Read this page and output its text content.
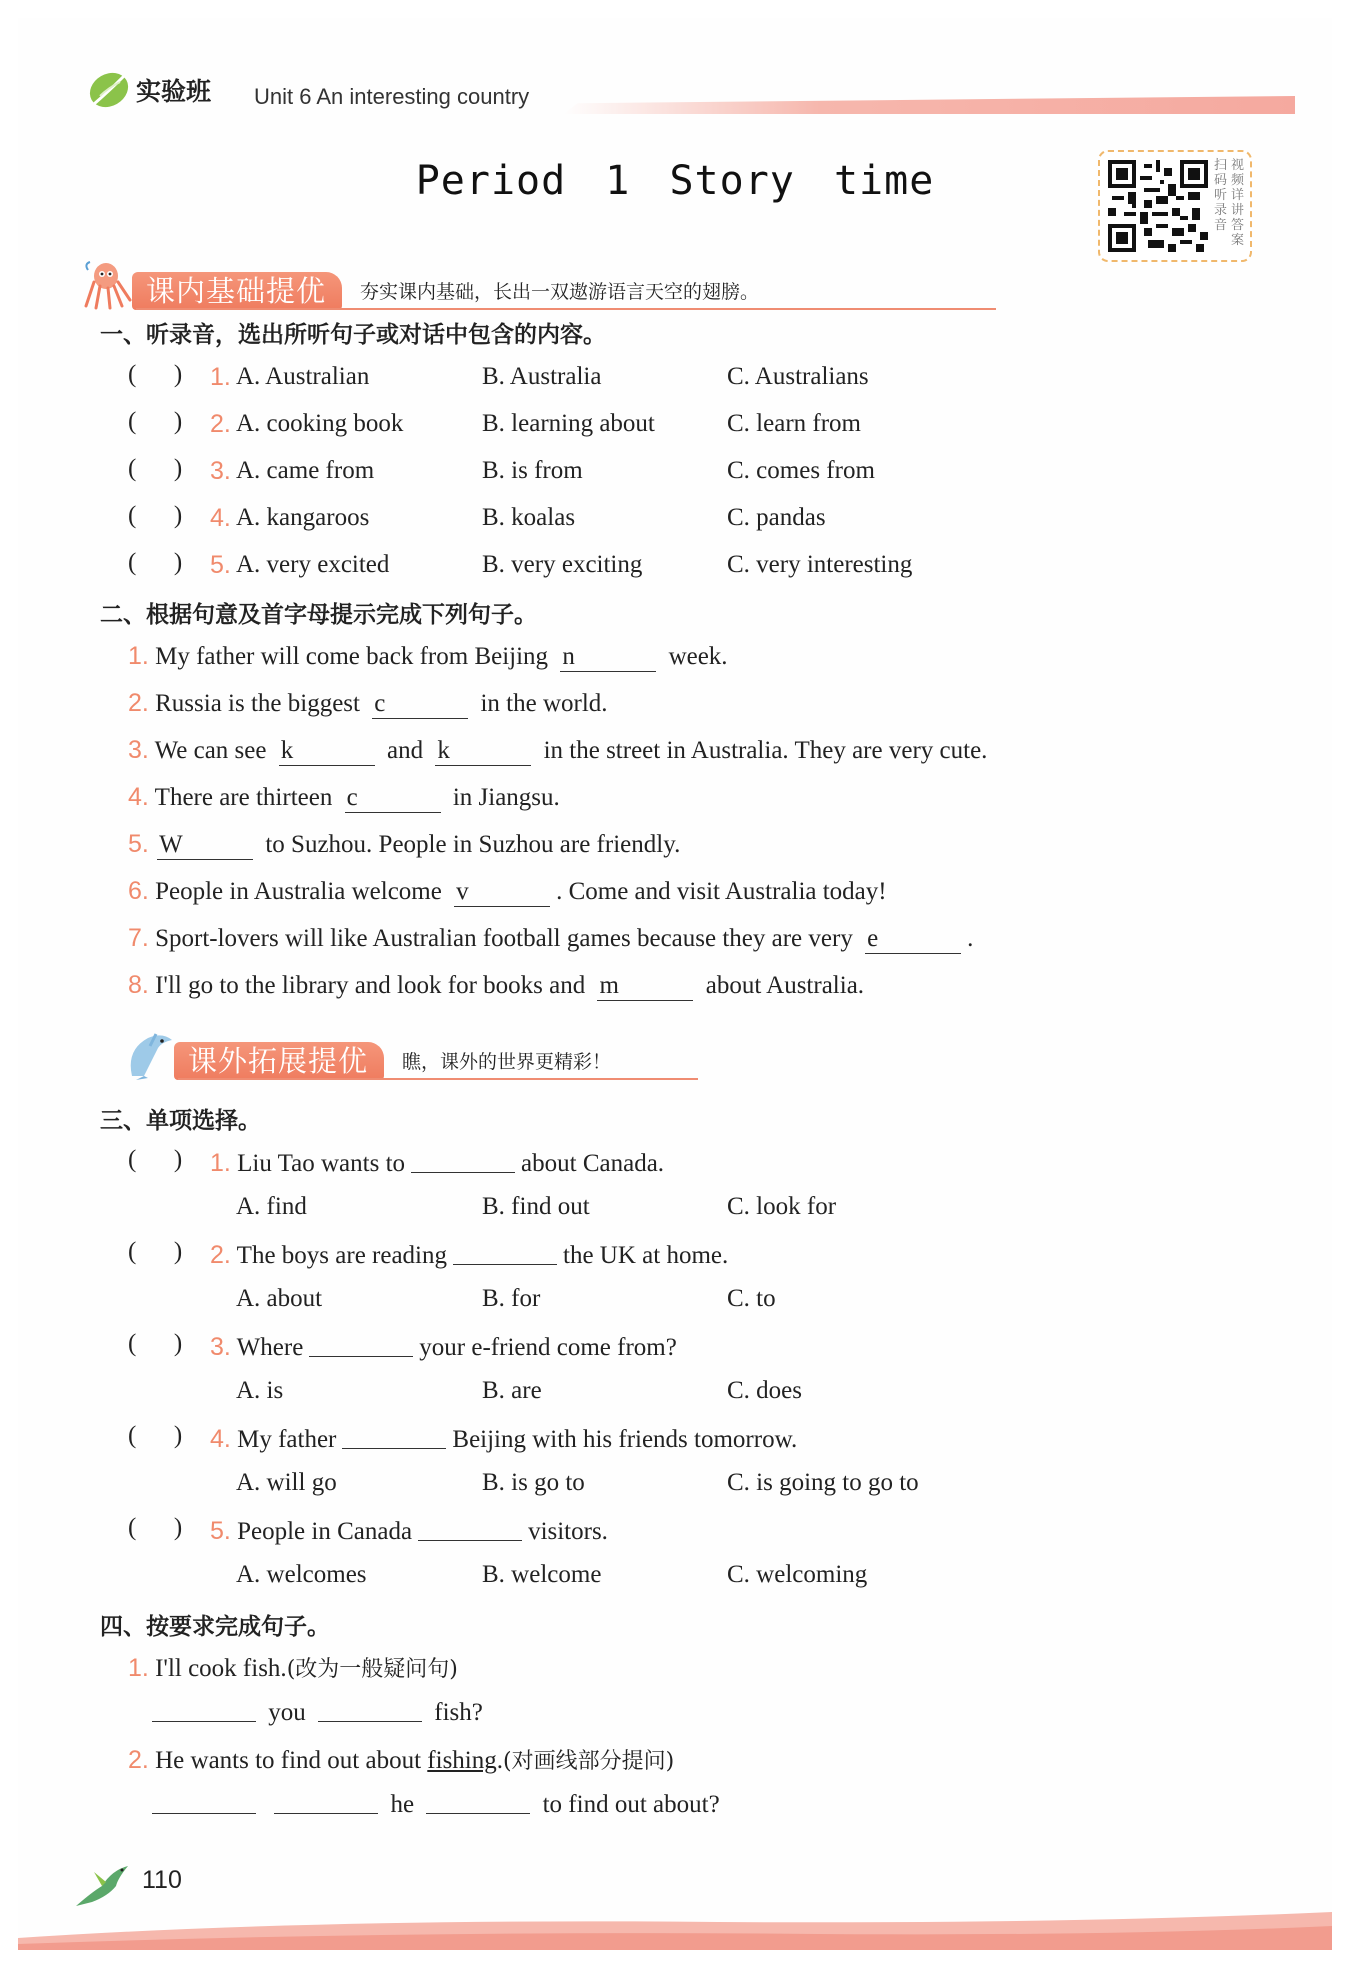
实验班 Unit 6 An interesting country
Period 1 Story time	扫 视
码 频
听 详
录 讲
音 答
案
课内基础提优	夯实课内基础，长出一双遨游语言天空的翅膀。
一、听录音，选出所听句子或对话中包含的内容。
(      ) 1. A. Australian	B. Australia	C. Australians
(      ) 2. A. cooking book	B. learning about	C. learn from
(      ) 3. A. came from	B. is from	C. comes from
(      ) 4. A. kangaroos	B. koalas	C. pandas
(      ) 5. A. very excited	B. very exciting	C. very interesting
二、根据句意及首字母提示完成下列句子。
1. My father will come back from Beijing n	week.
2. Russia is the biggest c	in the world.
3. We can see k	and k	in the street in Australia. They are very cute.
4. There are thirteen c	in Jiangsu.
5. W	to Suzhou. People in Suzhou are friendly.
6. People in Australia welcome v	. Come and visit Australia today!
7. Sport-lovers will like Australian football games because they are very e	.
8. I'll go to the library and look for books and m	about Australia.
课外拓展提优	瞧，课外的世界更精彩！
三、单项选择。
(      ) 1. Liu Tao wants to	about Canada.
A. find	B. find out	C. look for
(      ) 2. The boys are reading	the UK at home.
A. about	B. for	C. to
(      ) 3. Where	your e-friend come from?
A. is	B. are	C. does
(      ) 4. My father	Beijing with his friends tomorrow.
A. will go	B. is go to	C. is going to go to
(      ) 5. People in Canada	visitors.
A. welcomes	B. welcome	C. welcoming
四、按要求完成句子。
1. I'll cook fish.(改为一般疑问句)
you	fish?
2. He wants to find out about fishing.(对画线部分提问)
he	to find out about?
110
